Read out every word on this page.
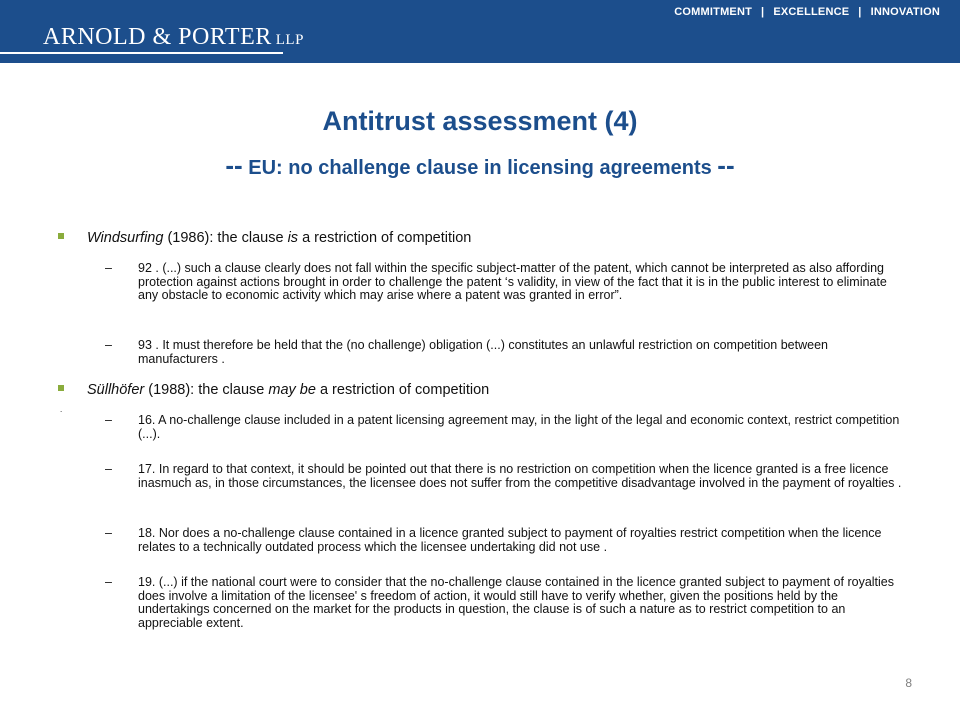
ARNOLD & PORTER LLP
COMMITMENT | EXCELLENCE | INNOVATION
Antitrust assessment (4)
-- EU: no challenge clause in licensing agreements --
Windsurfing (1986): the clause is a restriction of competition
– 92 . (...) such a clause clearly does not fall within the specific subject-matter of the patent, which cannot be interpreted as also affording protection against actions brought in order to challenge the patent ‘s validity, in view of the fact that it is in the public interest to eliminate any obstacle to economic activity which may arise where a patent was granted in error”.
– 93 . It must therefore be held that the (no challenge) obligation (...) constitutes an unlawful restriction on competition between manufacturers .
Süllhöfer (1988): the clause may be a restriction of competition
.
– 16. A no-challenge clause included in a patent licensing agreement may, in the light of the legal and economic context, restrict competition (...).
– 17. In regard to that context, it should be pointed out that there is no restriction on competition when the licence granted is a free licence inasmuch as, in those circumstances, the licensee does not suffer from the competitive disadvantage involved in the payment of royalties .
– 18. Nor does a no-challenge clause contained in a licence granted subject to payment of royalties restrict competition when the licence relates to a technically outdated process which the licensee undertaking did not use .
– 19. (...) if the national court were to consider that the no-challenge clause contained in the licence granted subject to payment of royalties does involve a limitation of the licensee' s freedom of action, it would still have to verify whether, given the positions held by the undertakings concerned on the market for the products in question, the clause is of such a nature as to restrict competition to an appreciable extent.
8
